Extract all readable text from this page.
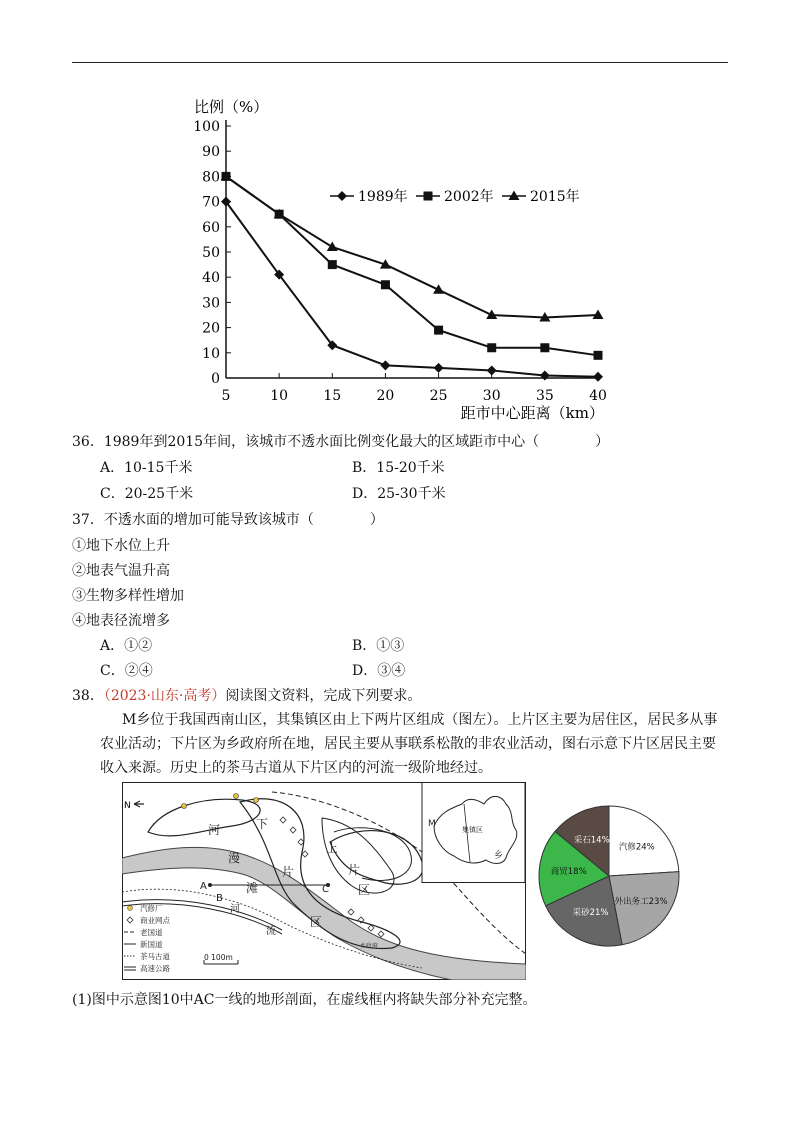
0
10
20
30
40
50
60
70
80
90
100
5	10	15	20	25	30	35	40
比例（%）
距市中心距离（km）
1989年	2002年	2015年
36．1989年到2015年间，该城市不透水面比例变化最大的区域距市中心（　　　　）
A．10-15千米	B．15-20千米
C．20-25千米	D．25-30千米
37．不透水面的增加可能导致该城市（　　　　）
①地下水位上升
②地表气温升高
③生物多样性增加
④地表径流增多
A．①②	B．①③
C．②④	D．③④
38．（2023·山东·高考）阅读图文资料，完成下列要求。
M乡位于我国西南山区，其集镇区由上下两片区组成（图左）。上片区主要为居住区，居民多从事农业活动；下片区为乡政府所在地，居民主要从事联系松散的非农业活动，图右示意下片区居民主要收入来源。历史上的茶马古道从下片区内的河流一级阶地经过。
N
河	下
漫
片
滩
区
河
流
上
片
区
A
B
C
乡政府
汽修厂
商业网点
老国道
新国道
茶马古道
高速公路
0 100m
M
集镇区
乡
汽修24%
外出务工23%
采砂21%
商贸18%
采石14%
(1)图中示意图10中AC一线的地形剖面，在虚线框内将缺失部分补充完整。
